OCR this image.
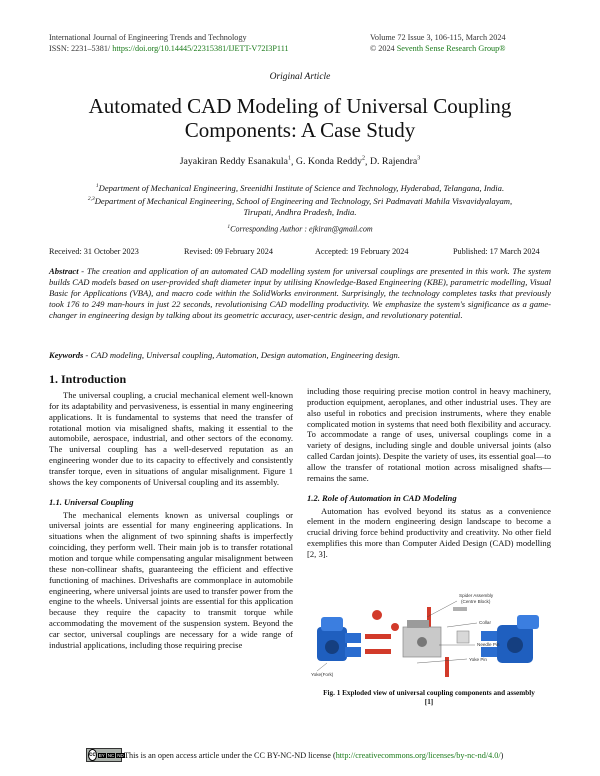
International Journal of Engineering Trends and Technology
ISSN: 2231–5381/ https://doi.org/10.14445/22315381/IJETT-V72I3P111
Volume 72 Issue 3, 106-115, March 2024
© 2024 Seventh Sense Research Group®
Original Article
Automated CAD Modeling of Universal Coupling
Components: A Case Study
Jayakiran Reddy Esanakula$^1$, G. Konda Reddy$^2$, D. Rajendra$^3$
$^1$Department of Mechanical Engineering, Sreenidhi Institute of Science and Technology, Hyderabad, Telangana, India.
$^{2,3}$Department of Mechanical Engineering, School of Engineering and Technology, Sri Padmavati Mahila Visvavidyalayam,
Tirupati, Andhra Pradesh, India.
$^1$Corresponding Author : ejkiran@gmail.com
Received: 31 October 2023	Revised: 09 February 2024	Accepted: 19 February 2024	Published: 17 March 2024
Abstract - The creation and application of an automated CAD modelling system for universal couplings are presented in this work. The system builds CAD models based on user-provided shaft diameter input by utilising Knowledge-Based Engineering (KBE), parametric modelling, Visual Basic for Applications (VBA), and macro code within the SolidWorks environment. Surprisingly, the technology completes tasks that previously took 176 to 249 man-hours in just 22 seconds, revolutionising CAD modelling productivity. We emphasize the system's significance as a game-changer in engineering design by talking about its geometric accuracy, user-centric design, and revolutionary potential.
Keywords - CAD modeling, Universal coupling, Automation, Design automation, Engineering design.
1. Introduction

The universal coupling, a crucial mechanical element well-known for its adaptability and pervasiveness, is essential in many engineering applications. It is fundamental to systems that need the transfer of rotational motion via misaligned shafts, making it essential to the automobile, aerospace, industrial, and other sectors of the economy. The universal coupling has a well-deserved reputation as an engineering wonder due to its capacity to effectively and consistently transfer torque, even in situations of angular misalignment. Figure 1 shows the key components of Universal coupling and its assembly.

1.1. Universal Coupling

The mechanical elements known as universal couplings or universal joints are essential for many engineering applications. In situations when the alignment of two spinning shafts is imperfectly coinciding, they perform well. Their main job is to transfer rotational motion and torque while compensating angular misalignment between these non-collinear shafts, guaranteeing the efficient and effective functioning of machines. Driveshafts are commonplace in automobile engineering, where universal joints are used to transfer power from the engine to the wheels. Universal joints are essential for this application because they require the capacity to transmit torque while accommodating the movement of the suspension system. Beyond the car sector, universal couplings are necessary for a wide range of industrial applications, including those requiring precise

including those requiring precise motion control in heavy machinery, production equipment, aeroplanes, and other industrial uses. They are also useful in robotics and precision instruments, where they enable complicated motion in systems that need both flexibility and accuracy. To accommodate a range of uses, universal couplings come in a variety of designs, including single and double universal joints (also called Cardan joints). Despite the variety of uses, its essential goal—to allow the transfer of rotational motion across misaligned shafts—remains the same.

1.2. Role of Automation in CAD Modeling

Automation has evolved beyond its status as a convenience element in the modern engineering design landscape to become a crucial driving force behind productivity and creativity. No other field exemplifies this more than Computer Aided Design (CAD) modelling [2, 3].

Spider Assembly
(Centre Block)
Collar
Needle Pin
Yoke Pin
Yoke(Fork)
Fig. 1 Exploded view of universal coupling components and assembly
[1]
cc BY NC ND This is an open access article under the CC BY-NC-ND license (http://creativecommons.org/licenses/by-nc-nd/4.0/)
